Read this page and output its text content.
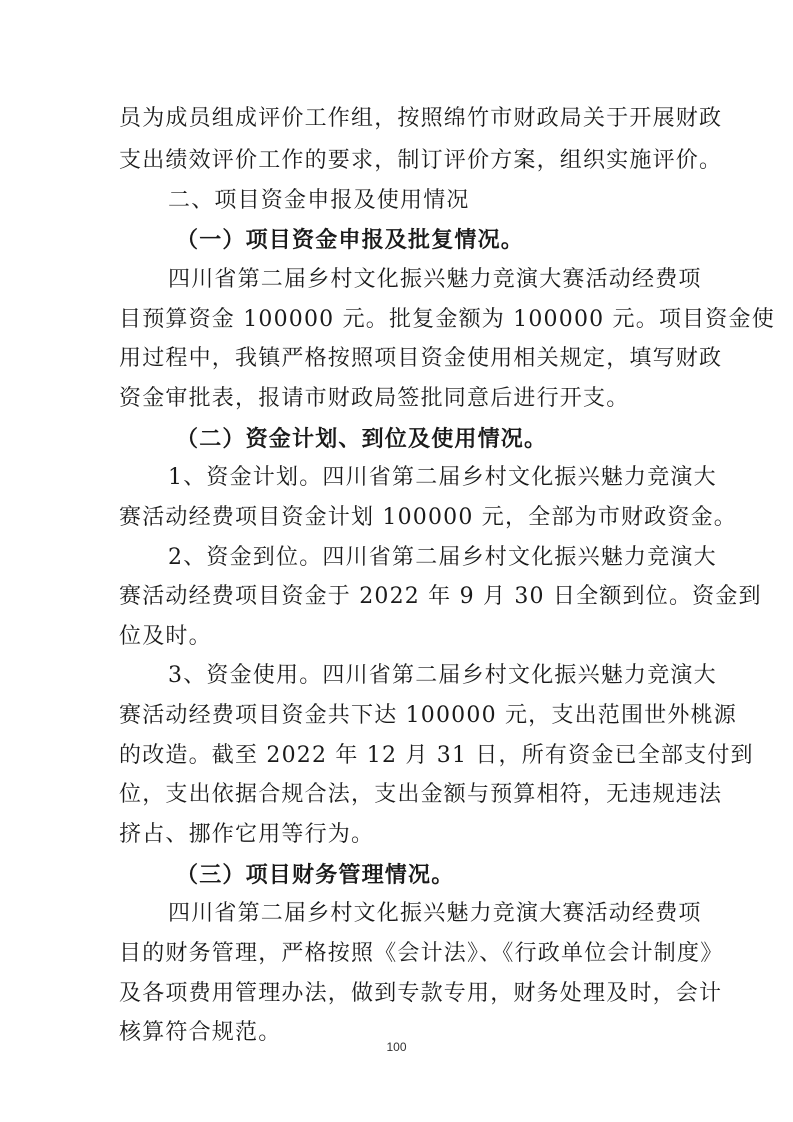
员为成员组成评价工作组，按照绵竹市财政局关于开展财政
支出绩效评价工作的要求，制订评价方案，组织实施评价。
二、项目资金申报及使用情况
（一）项目资金申报及批复情况。
四川省第二届乡村文化振兴魅力竞演大赛活动经费项
目预算资金 100000 元。批复金额为 100000 元。项目资金使
用过程中，我镇严格按照项目资金使用相关规定，填写财政
资金审批表，报请市财政局签批同意后进行开支。
（二）资金计划、到位及使用情况。
1、资金计划。四川省第二届乡村文化振兴魅力竞演大
赛活动经费项目资金计划 100000 元，全部为市财政资金。
2、资金到位。四川省第二届乡村文化振兴魅力竞演大
赛活动经费项目资金于 2022 年 9 月 30 日全额到位。资金到
位及时。
3、资金使用。四川省第二届乡村文化振兴魅力竞演大
赛活动经费项目资金共下达 100000 元，支出范围世外桃源
的改造。截至 2022 年 12 月 31 日，所有资金已全部支付到
位，支出依据合规合法，支出金额与预算相符，无违规违法
挤占、挪作它用等行为。
（三）项目财务管理情况。
四川省第二届乡村文化振兴魅力竞演大赛活动经费项
目的财务管理，严格按照《会计法》、《行政单位会计制度》
及各项费用管理办法，做到专款专用，财务处理及时，会计
核算符合规范。
100
